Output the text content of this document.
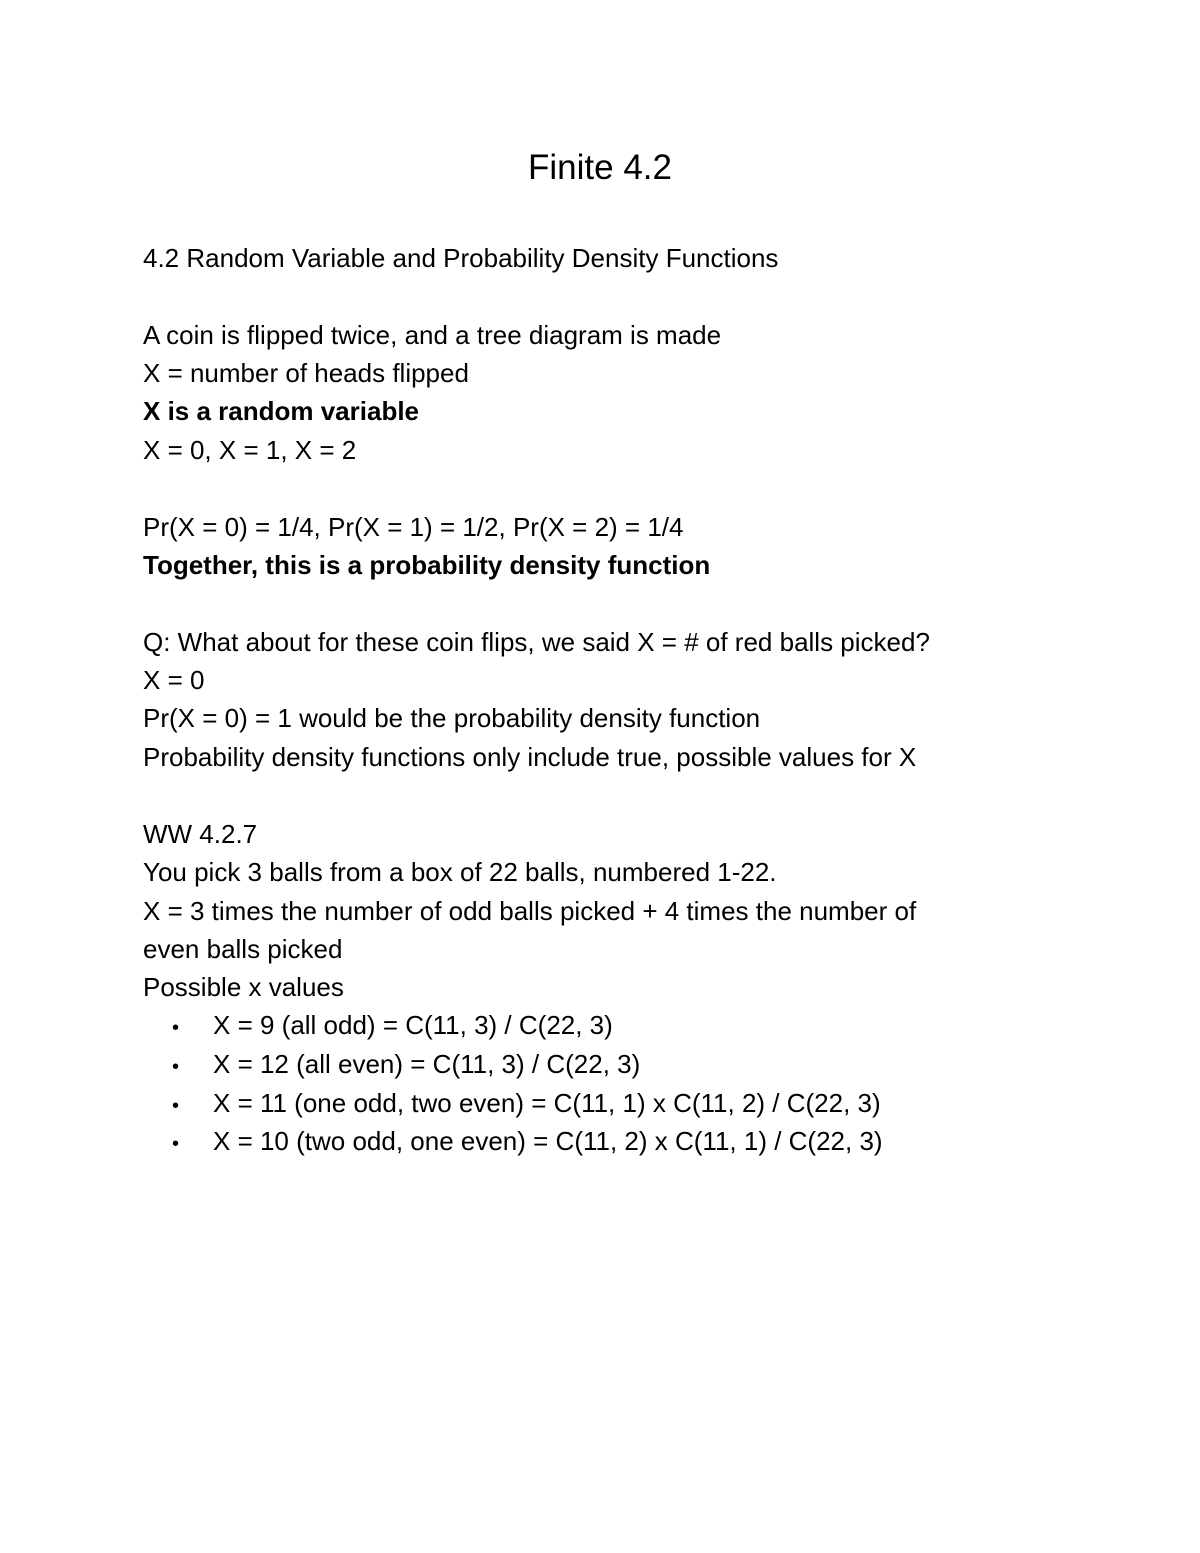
Finite 4.2

4.2 Random Variable and Probability Density Functions

A coin is flipped twice, and a tree diagram is made

X = number of heads flipped

X is a random variable

X = 0, X = 1, X = 2

Pr(X = 0) = 1/4, Pr(X = 1) = 1/2, Pr(X = 2) = 1/4

Together, this is a probability density function

Q: What about for these coin flips, we said X = # of red balls picked?

X = 0

Pr(X = 0) = 1 would be the probability density function

Probability density functions only include true, possible values for X

WW 4.2.7

You pick 3 balls from a box of 22 balls, numbered 1-22.

X = 3 times the number of odd balls picked + 4 times the number of

even balls picked

Possible x values

• X = 9 (all odd) = C(11, 3) / C(22, 3)
• X = 12 (all even) = C(11, 3) / C(22, 3)
• X = 11 (one odd, two even) = C(11, 1) x C(11, 2) / C(22, 3)
• X = 10 (two odd, one even) = C(11, 2) x C(11, 1) / C(22, 3)
